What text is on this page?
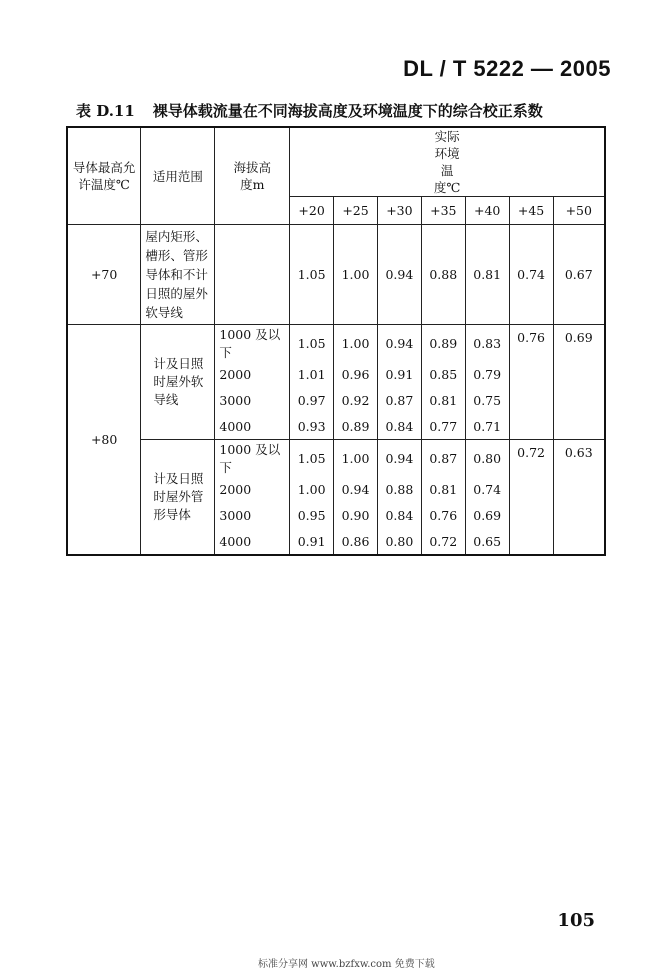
DL / T 5222 — 2005
表 D.11 裸导体载流量在不同海拔高度及环境温度下的综合校正系数
导体最高允许温度℃	适用范围	海拔高度m	实际环境温度℃						
			+20	+25	+30	+35	+40	+45	+50
+70	屋内矩形、槽形、管形导体和不计日照的屋外软导线		1.05	1.00	0.94	0.88	0.81	0.74	0.67
+80	计及日照时屋外软导线	1000 及以下	1.05	1.00	0.94	0.89	0.83	0.76	0.69
		2000	1.01	0.96	0.91	0.85	0.79		
		3000	0.97	0.92	0.87	0.81	0.75		
		4000	0.93	0.89	0.84	0.77	0.71		
	计及日照时屋外管形导体	1000 及以下	1.05	1.00	0.94	0.87	0.80	0.72	0.63
		2000	1.00	0.94	0.88	0.81	0.74		
		3000	0.95	0.90	0.84	0.76	0.69		
		4000	0.91	0.86	0.80	0.72	0.65		
105
标准分享网 www.bzfxw.com 免费下载
